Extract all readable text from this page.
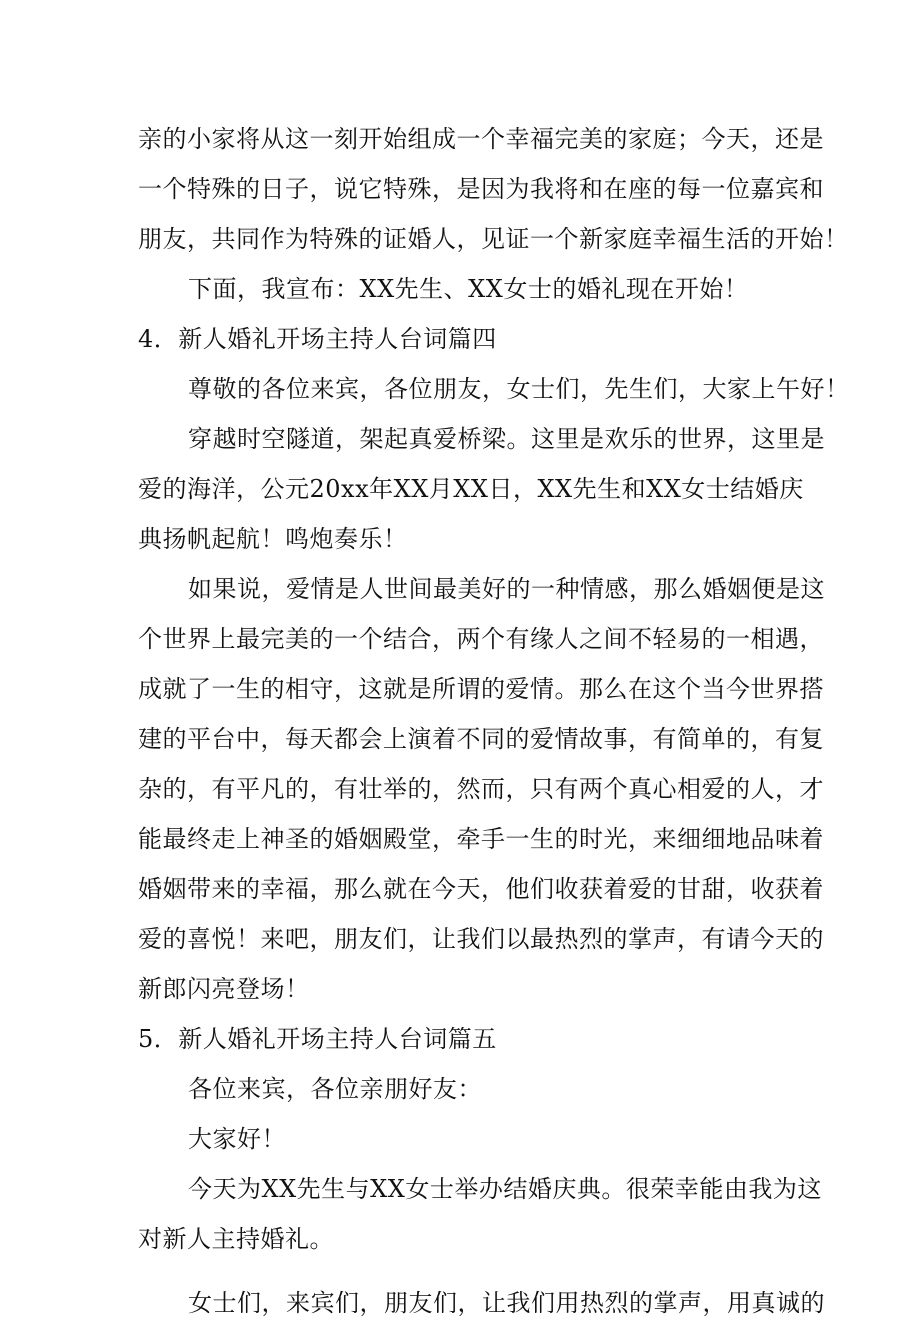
亲的小家将从这一刻开始组成一个幸福完美的家庭；今天，还是
一个特殊的日子，说它特殊，是因为我将和在座的每一位嘉宾和
朋友，共同作为特殊的证婚人，见证一个新家庭幸福生活的开始！
下面，我宣布：XX先生、XX女士的婚礼现在开始！
4．新人婚礼开场主持人台词篇四
尊敬的各位来宾，各位朋友，女士们，先生们，大家上午好！
穿越时空隧道，架起真爱桥梁。这里是欢乐的世界，这里是
爱的海洋，公元20xx年XX月XX日，XX先生和XX女士结婚庆
典扬帆起航！鸣炮奏乐！
如果说，爱情是人世间最美好的一种情感，那么婚姻便是这
个世界上最完美的一个结合，两个有缘人之间不轻易的一相遇，
成就了一生的相守，这就是所谓的爱情。那么在这个当今世界搭
建的平台中，每天都会上演着不同的爱情故事，有简单的，有复
杂的，有平凡的，有壮举的，然而，只有两个真心相爱的人，才
能最终走上神圣的婚姻殿堂，牵手一生的时光，来细细地品味着
婚姻带来的幸福，那么就在今天，他们收获着爱的甘甜，收获着
爱的喜悦！来吧，朋友们，让我们以最热烈的掌声，有请今天的
新郎闪亮登场！
5．新人婚礼开场主持人台词篇五
各位来宾，各位亲朋好友：
大家好！
今天为XX先生与XX女士举办结婚庆典。很荣幸能由我为这
对新人主持婚礼。
女士们，来宾们，朋友们，让我们用热烈的掌声，用真诚的
